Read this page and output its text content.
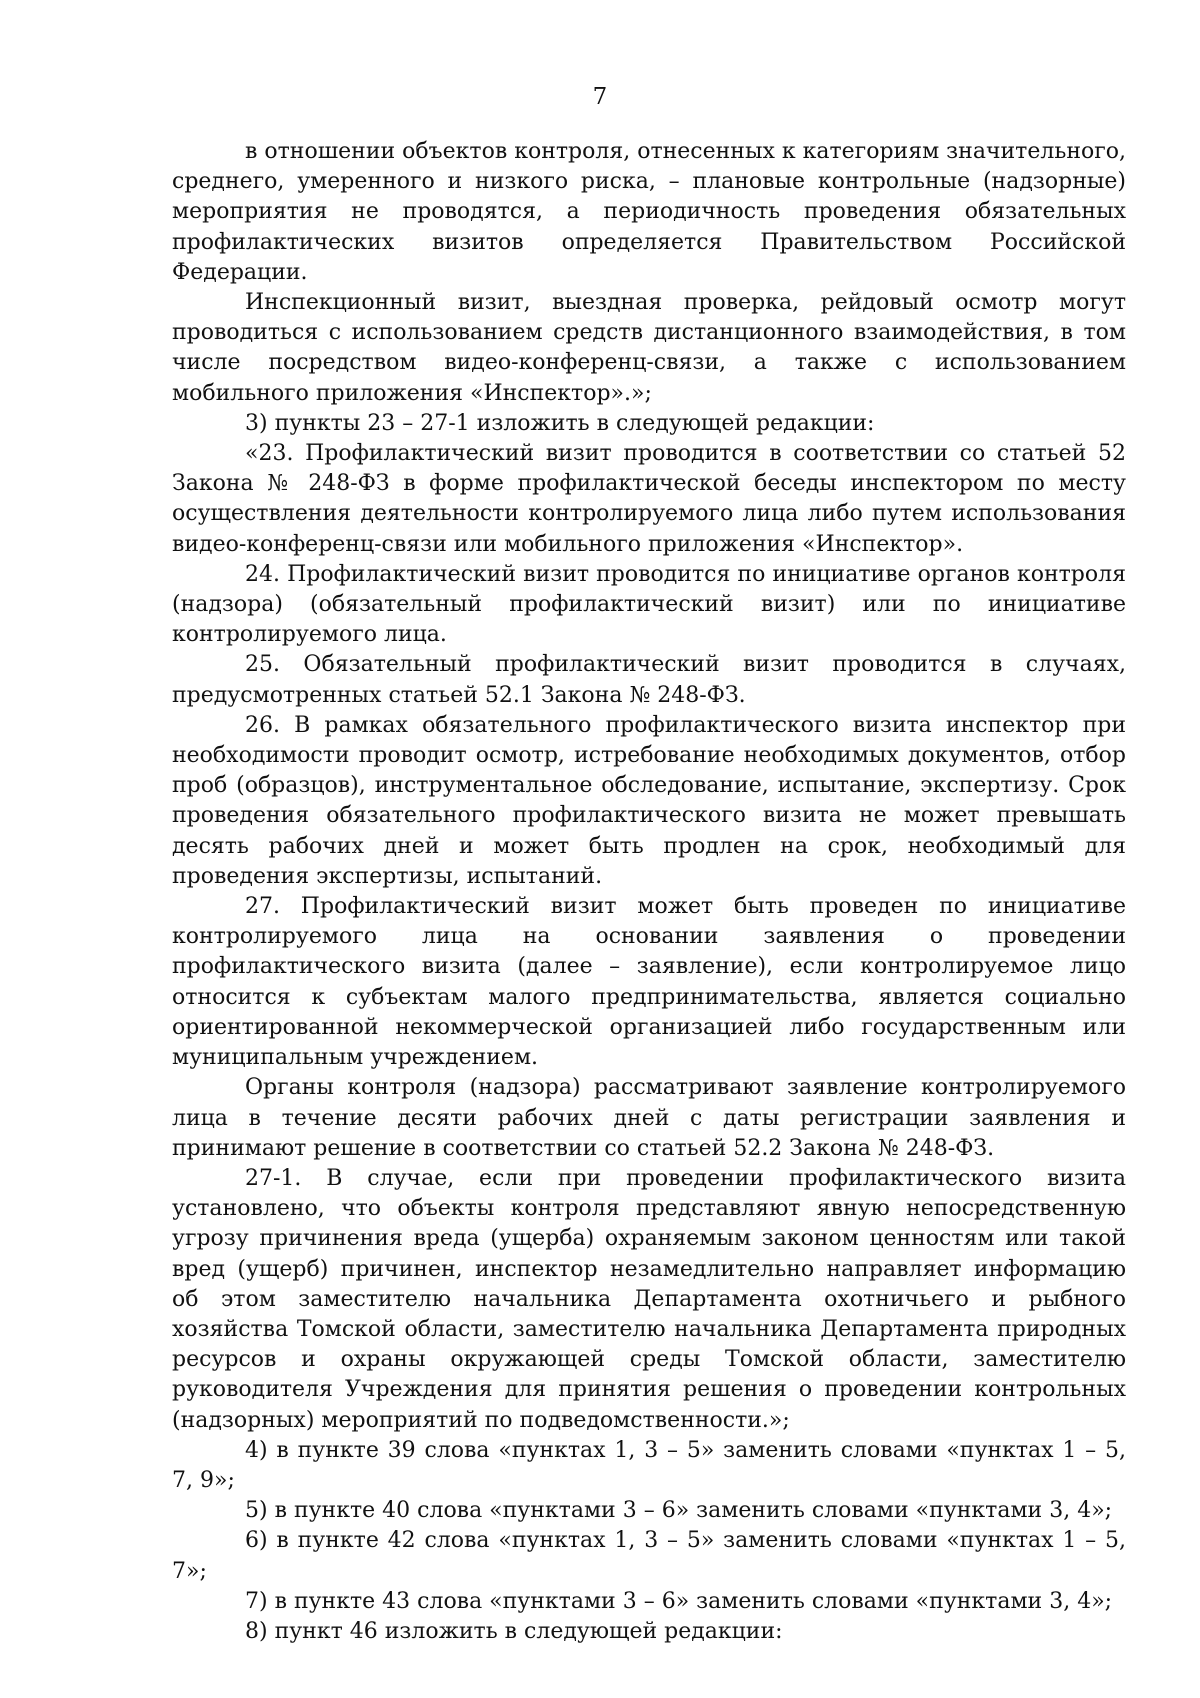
7

в отношении объектов контроля, отнесенных к категориям значительного, среднего, умеренного и низкого риска, – плановые контрольные (надзорные) мероприятия не проводятся, а периодичность проведения обязательных профилактических визитов определяется Правительством Российской Федерации.

Инспекционный визит, выездная проверка, рейдовый осмотр могут проводиться с использованием средств дистанционного взаимодействия, в том числе посредством видео-конференц-связи, а также с использованием мобильного приложения «Инспектор».»;

3) пункты 23 – 27-1 изложить в следующей редакции:

«23. Профилактический визит проводится в соответствии со статьей 52 Закона № 248-ФЗ в форме профилактической беседы инспектором по месту осуществления деятельности контролируемого лица либо путем использования видео-конференц-связи или мобильного приложения «Инспектор».

24. Профилактический визит проводится по инициативе органов контроля (надзора) (обязательный профилактический визит) или по инициативе контролируемого лица.

25. Обязательный профилактический визит проводится в случаях, предусмотренных статьей 52.1 Закона № 248-ФЗ.

26. В рамках обязательного профилактического визита инспектор при необходимости проводит осмотр, истребование необходимых документов, отбор проб (образцов), инструментальное обследование, испытание, экспертизу. Срок проведения обязательного профилактического визита не может превышать десять рабочих дней и может быть продлен на срок, необходимый для проведения экспертизы, испытаний.

27. Профилактический визит может быть проведен по инициативе контролируемого лица на основании заявления о проведении профилактического визита (далее – заявление), если контролируемое лицо относится к субъектам малого предпринимательства, является социально ориентированной некоммерческой организацией либо государственным или муниципальным учреждением.

Органы контроля (надзора) рассматривают заявление контролируемого лица в течение десяти рабочих дней с даты регистрации заявления и принимают решение в соответствии со статьей 52.2 Закона № 248-ФЗ.

27-1. В случае, если при проведении профилактического визита установлено, что объекты контроля представляют явную непосредственную угрозу причинения вреда (ущерба) охраняемым законом ценностям или такой вред (ущерб) причинен, инспектор незамедлительно направляет информацию об этом заместителю начальника Департамента охотничьего и рыбного хозяйства Томской области, заместителю начальника Департамента природных ресурсов и охраны окружающей среды Томской области, заместителю руководителя Учреждения для принятия решения о проведении контрольных (надзорных) мероприятий по подведомственности.»;

4) в пункте 39 слова «пунктах 1, 3 – 5» заменить словами «пунктах 1 – 5, 7, 9»;

5) в пункте 40 слова «пунктами 3 – 6» заменить словами «пунктами 3, 4»;

6) в пункте 42 слова «пунктах 1, 3 – 5» заменить словами «пунктах 1 – 5, 7»;

7) в пункте 43 слова «пунктами 3 – 6» заменить словами «пунктами 3, 4»;

8) пункт 46 изложить в следующей редакции:
